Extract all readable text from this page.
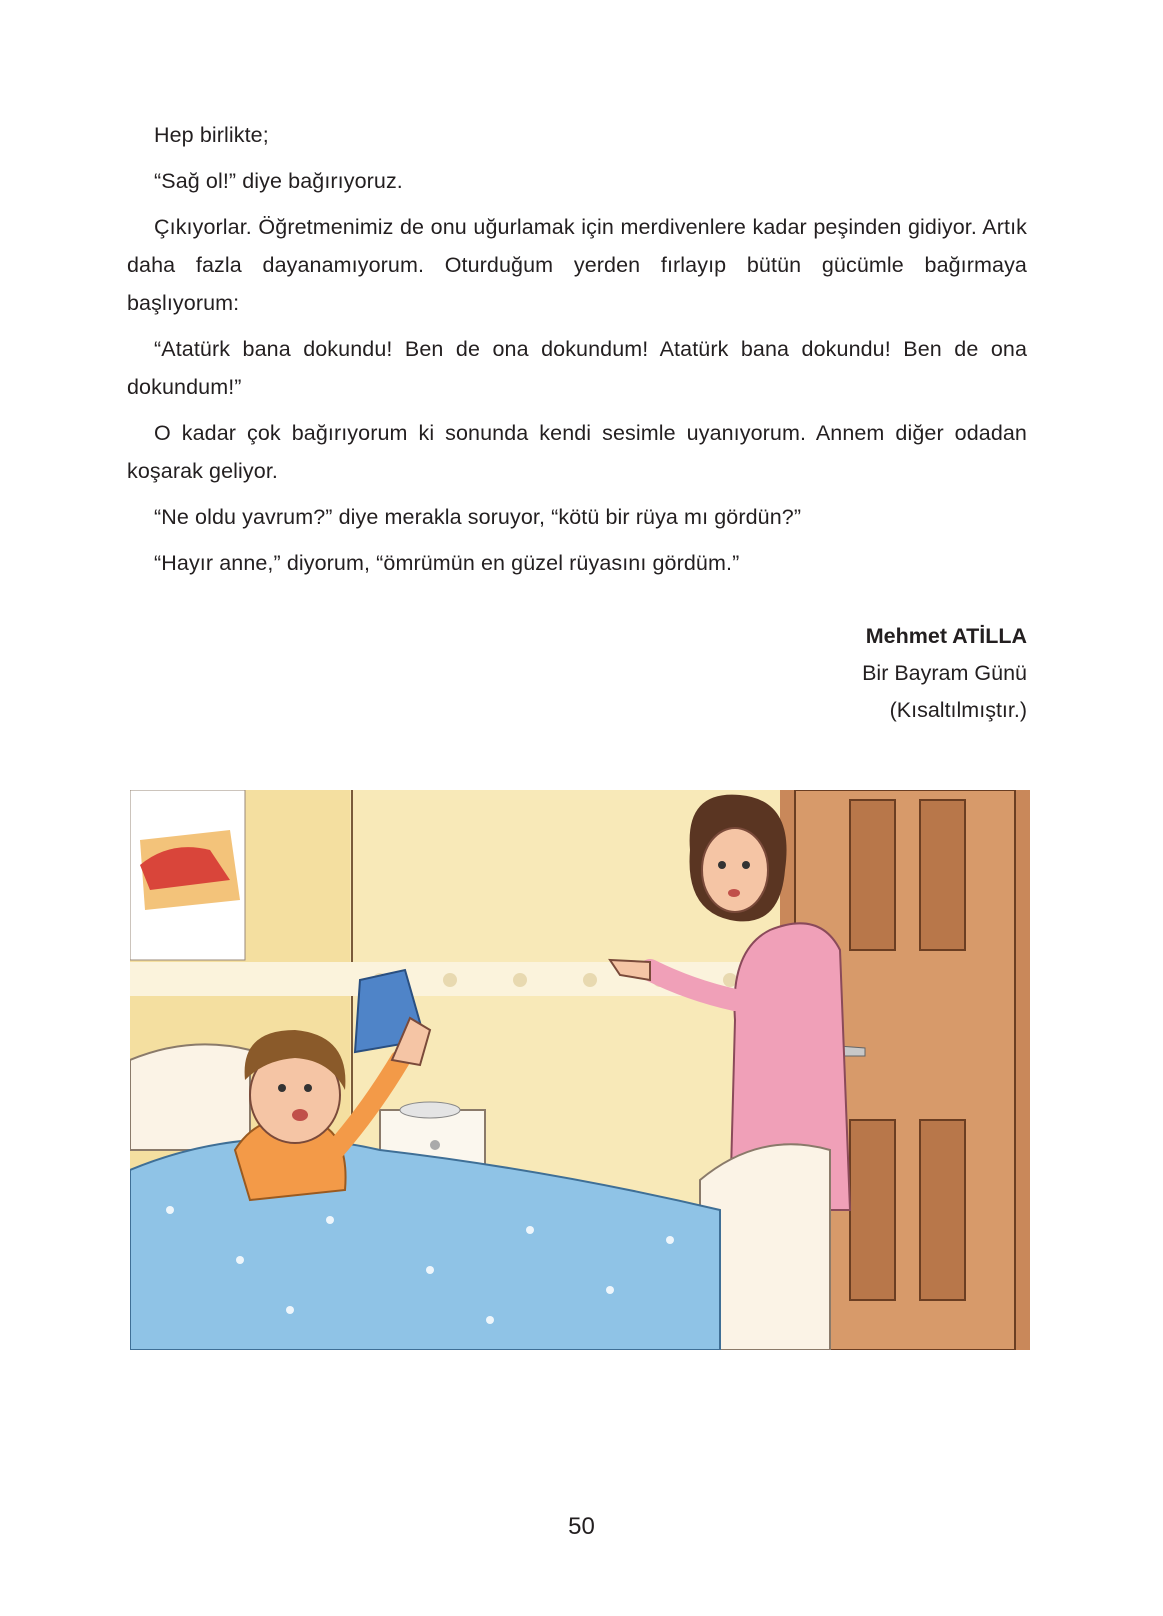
Hep birlikte;

“Sağ ol!” diye bağırıyoruz.

Çıkıyorlar. Öğretmenimiz de onu uğurlamak için merdivenlere kadar peşinden gidiyor. Artık daha fazla dayanamıyorum. Oturduğum yerden fırlayıp bütün gücümle bağırmaya başlıyorum:

“Atatürk bana dokundu! Ben de ona dokundum! Atatürk bana dokundu! Ben de ona dokundum!”

O kadar çok bağırıyorum ki sonunda kendi sesimle uyanıyorum. Annem diğer odadan koşarak geliyor.

“Ne oldu yavrum?” diye merakla soruyor, “kötü bir rüya mı gördün?”

“Hayır anne,” diyorum, “ömrümün en güzel rüyasını gördüm.”

Mehmet ATİLLA
Bir Bayram Günü
(Kısaltılmıştır.)
50
